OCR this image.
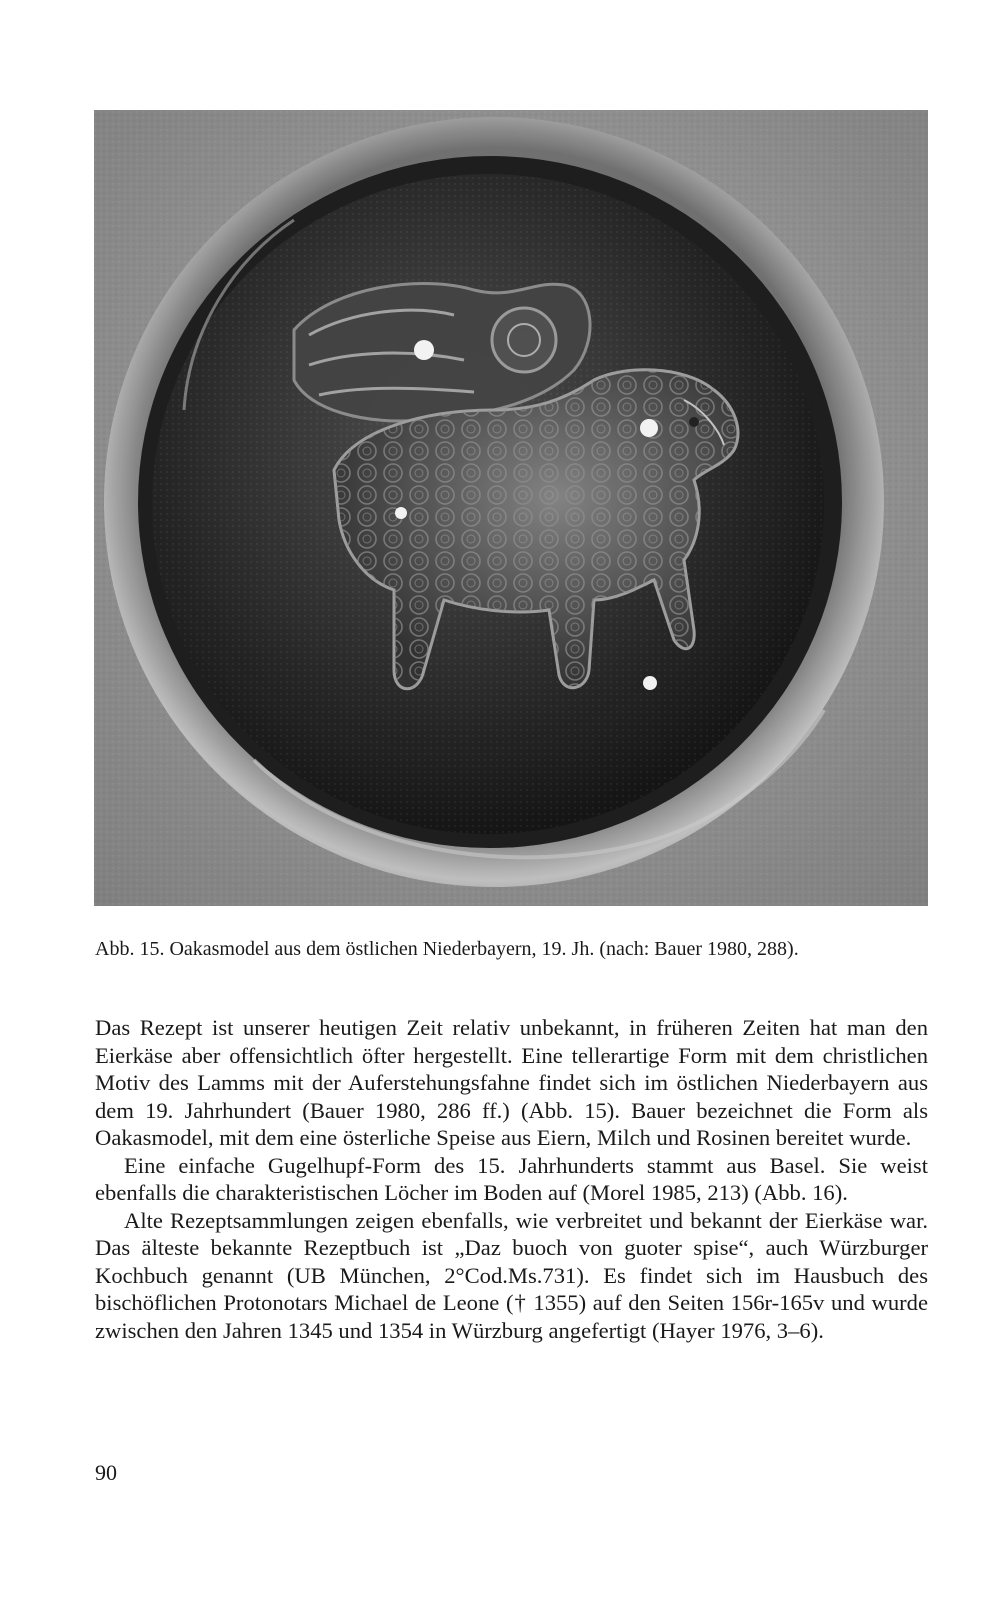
Abb. 15. Oakasmodel aus dem östlichen Niederbayern, 19. Jh. (nach: Bauer 1980, 288).

Das Rezept ist unserer heutigen Zeit relativ unbekannt, in früheren Zeiten hat man den Eierkäse aber offensichtlich öfter hergestellt. Eine tellerartige Form mit dem christlichen Motiv des Lamms mit der Auferstehungsfahne findet sich im östlichen Niederbayern aus dem 19. Jahrhundert (Bauer 1980, 286 ff.) (Abb. 15). Bauer bezeichnet die Form als Oakasmodel, mit dem eine österliche Speise aus Eiern, Milch und Rosinen bereitet wurde.

Eine einfache Gugelhupf-Form des 15. Jahrhunderts stammt aus Basel. Sie weist ebenfalls die charakteristischen Löcher im Boden auf (Morel 1985, 213) (Abb. 16).

Alte Rezeptsammlungen zeigen ebenfalls, wie verbreitet und bekannt der Eierkäse war. Das älteste bekannte Rezeptbuch ist „Daz buoch von guoter spise“, auch Würzburger Kochbuch genannt (UB München, 2°Cod.Ms.731). Es findet sich im Hausbuch des bischöflichen Protonotars Michael de Leone († 1355) auf den Seiten 156r-165v und wurde zwischen den Jahren 1345 und 1354 in Würzburg angefertigt (Hayer 1976, 3–6).

90
